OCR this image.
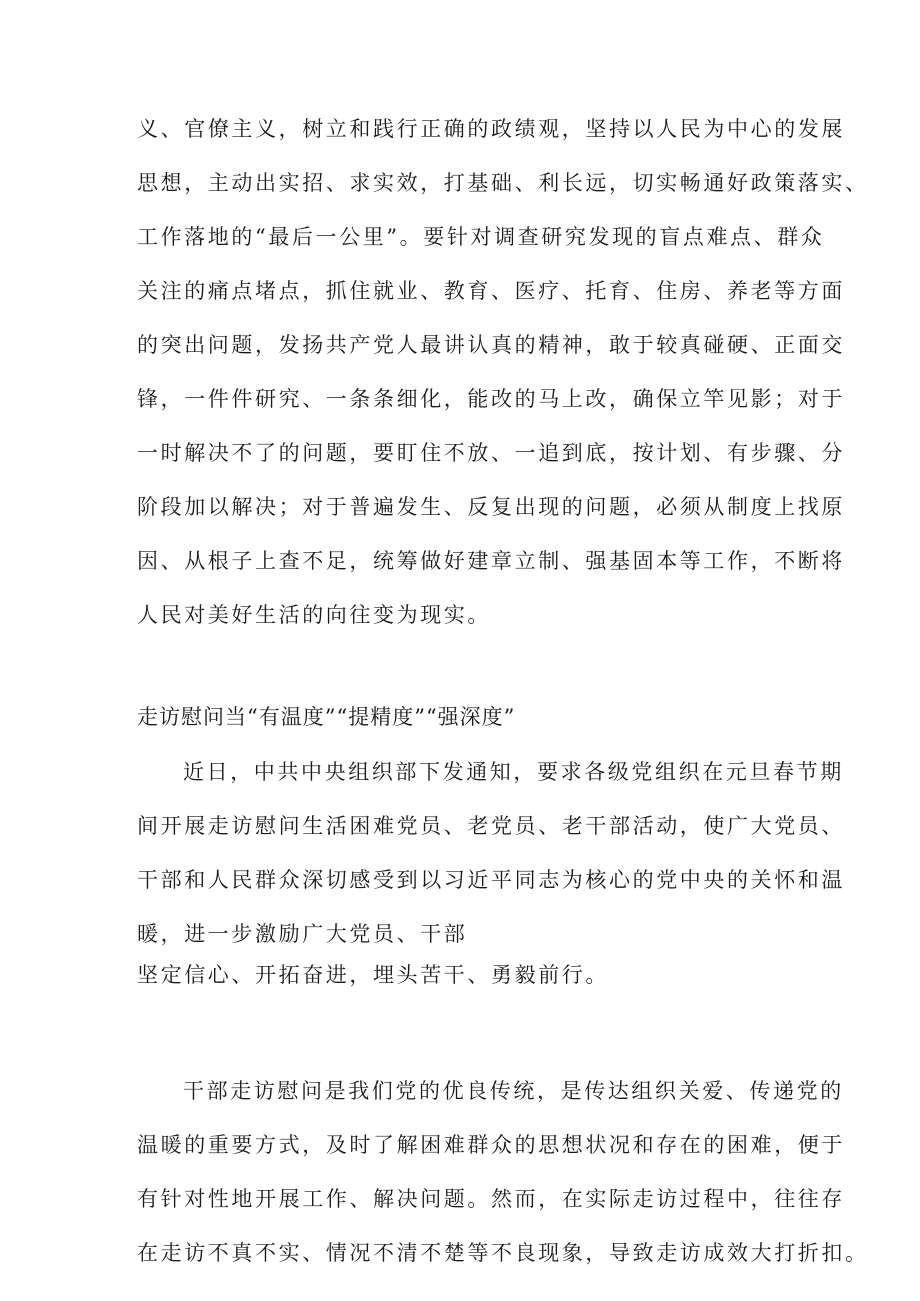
义、官僚主义，树立和践行正确的政绩观，坚持以人民为中心的发展
思想，主动出实招、求实效，打基础、利长远，切实畅通好政策落实、
工作落地的“最后一公里”。要针对调查研究发现的盲点难点、群众
关注的痛点堵点，抓住就业、教育、医疗、托育、住房、养老等方面
的突出问题，发扬共产党人最讲认真的精神，敢于较真碰硬、正面交
锋，一件件研究、一条条细化，能改的马上改，确保立竿见影；对于
一时解决不了的问题，要盯住不放、一追到底，按计划、有步骤、分
阶段加以解决；对于普遍发生、反复出现的问题，必须从制度上找原
因、从根子上查不足，统筹做好建章立制、强基固本等工作，不断将
人民对美好生活的向往变为现实。
走访慰问当“有温度”“提精度”“强深度”
近日，中共中央组织部下发通知，要求各级党组织在元旦春节期
间开展走访慰问生活困难党员、老党员、老干部活动，使广大党员、
干部和人民群众深切感受到以习近平同志为核心的党中央的关怀和温
暖，进一步激励广大党员、干部
坚定信心、开拓奋进，埋头苦干、勇毅前行。
干部走访慰问是我们党的优良传统，是传达组织关爱、传递党的
温暖的重要方式，及时了解困难群众的思想状况和存在的困难，便于
有针对性地开展工作、解决问题。然而，在实际走访过程中，往往存
在走访不真不实、情况不清不楚等不良现象，导致走访成效大打折扣。
